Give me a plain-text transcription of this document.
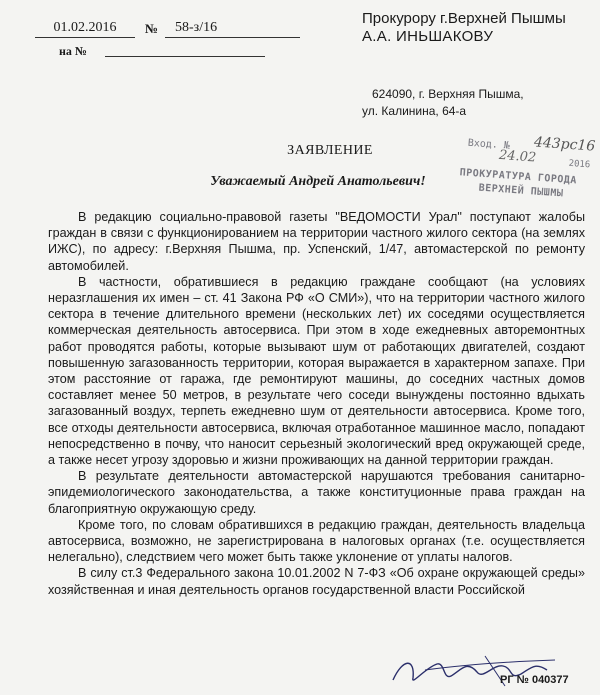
01.02.2016	№	58-з/16
на №
Прокурору г.Верхней Пышмы
А.А. ИНЬШАКОВУ
624090, г. Верхняя Пышма,
ул. Калинина, 64-а
ЗАЯВЛЕНИЕ
Уважаемый Андрей Анатольевич!
Вход. № 443рс16
24.02	2016
ПРОКУРАТУРА ГОРОДА
ВЕРХНЕЙ ПЫШМЫ

В редакцию социально-правовой газеты "ВЕДОМОСТИ Урал" поступают жалобы граждан в связи с функционированием на территории частного жилого сектора (на землях ИЖС), по адресу: г.Верхняя Пышма, пр. Успенский, 1/47, автомастерской по ремонту автомобилей.

В частности, обратившиеся в редакцию граждане сообщают (на условиях неразглашения их имен – ст. 41 Закона РФ «О СМИ»), что на территории частного жилого сектора в течение длительного времени (нескольких лет) их соседями осуществляется коммерческая деятельность автосервиса. При этом в ходе ежедневных авторемонтных работ проводятся работы, которые вызывают шум от работающих двигателей, создают повышенную загазованность территории, которая выражается в характерном запахе. При этом расстояние от гаража, где ремонтируют машины, до соседних частных домов составляет менее 50 метров, в результате чего соседи вынуждены постоянно вдыхать загазованный воздух, терпеть ежедневно шум от деятельности автосервиса. Кроме того, все отходы деятельности автосервиса, включая отработанное машинное масло, попадают непосредственно в почву, что наносит серьезный экологический вред окружающей среде, а также несет угрозу здоровью и жизни проживающих на данной территории граждан.

В результате деятельности автомастерской нарушаются требования санитарно-эпидемиологического законодательства, а также конституционные права граждан на благоприятную окружающую среду.

Кроме того, по словам обратившихся в редакцию граждан, деятельность владельца автосервиса, возможно, не зарегистрирована в налоговых органах (т.е. осуществляется нелегально), следствием чего может быть также уклонение от уплаты налогов.

В силу ст.3 Федерального закона 10.01.2002 N 7-ФЗ «Об охране окружающей среды» хозяйственная и иная деятельность органов государственной власти Российской

РГ № 040377
